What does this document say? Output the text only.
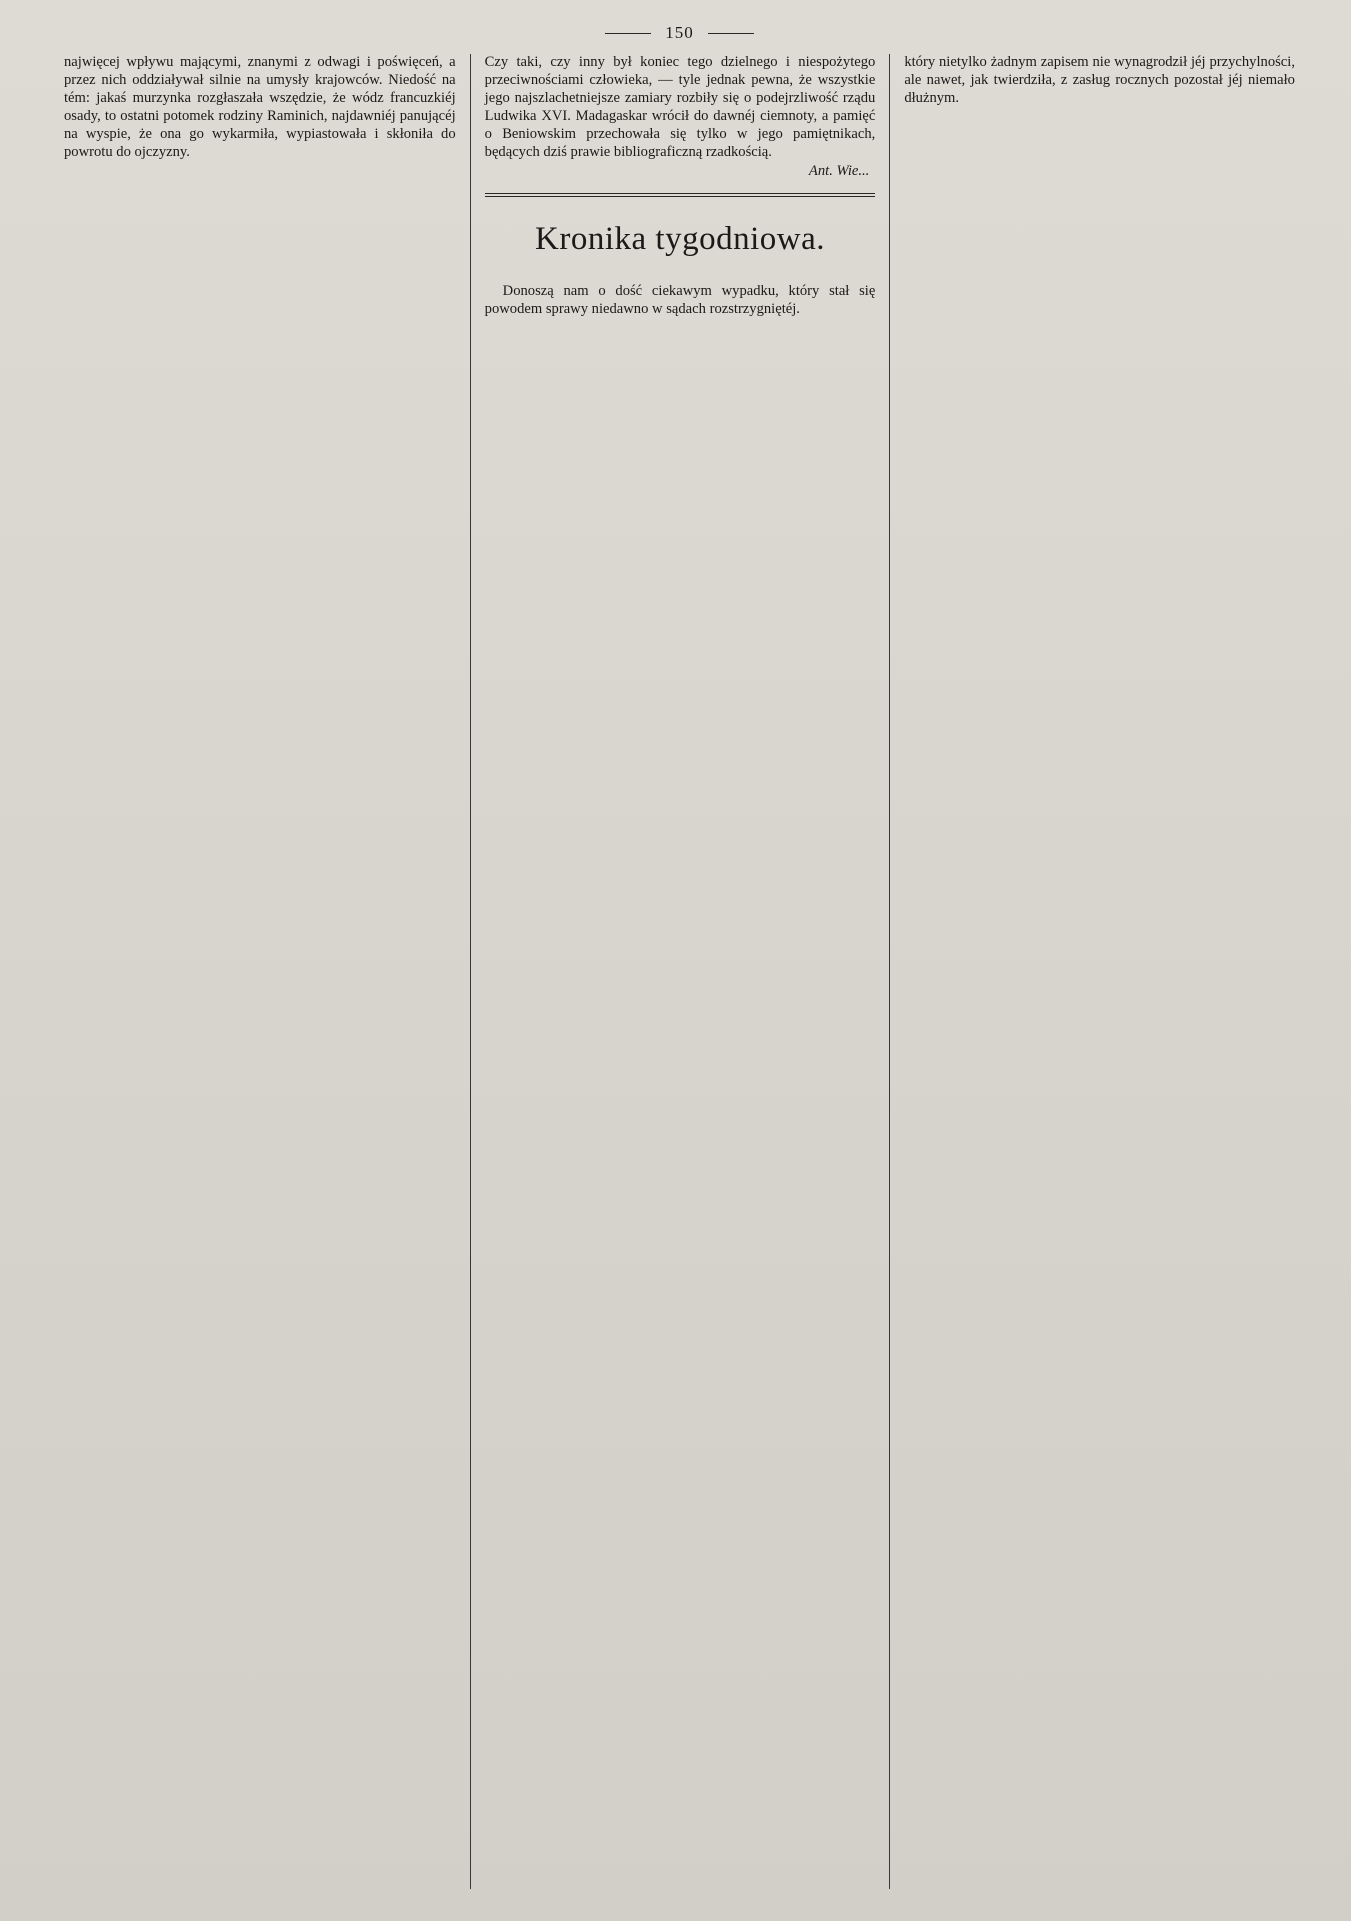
150

najwięcej wpływu mającymi, znanymi z odwagi i poświęceń, a przez nich oddziaływał silnie na umysły krajowców. Niedość na tém: jakaś murzynka rozgłaszała wszędzie, że wódz francuzkiéj osady, to ostatni potomek rodziny Raminich, najdawniéj panującéj na wyspie, że ona go wykarmiła, wypiastowała i skłoniła do powrotu do ojczyzny.

Czy taki, czy inny był koniec tego dzielnego i niespożytego przeciwnościami człowieka, — tyle jednak pewna, że wszystkie jego najszlachetniejsze zamiary rozbiły się o podejrzliwość rządu Ludwika XVI. Madagaskar wrócił do dawnéj ciemnoty, a pamięć o Beniowskim przechowała się tylko w jego pamiętnikach, będących dziś prawie bibliograficzną rzadkością.

Ant. Wie...
Kronika tygodniowa.

Donoszą nam o dość ciekawym wypadku, który stał się powodem sprawy niedawno w sądach rozstrzygniętéj.

który nietylko żadnym zapisem nie wynagrodził jéj przychylności, ale nawet, jak twierdziła, z zasług rocznych pozostał jéj niemało dłużnym.
